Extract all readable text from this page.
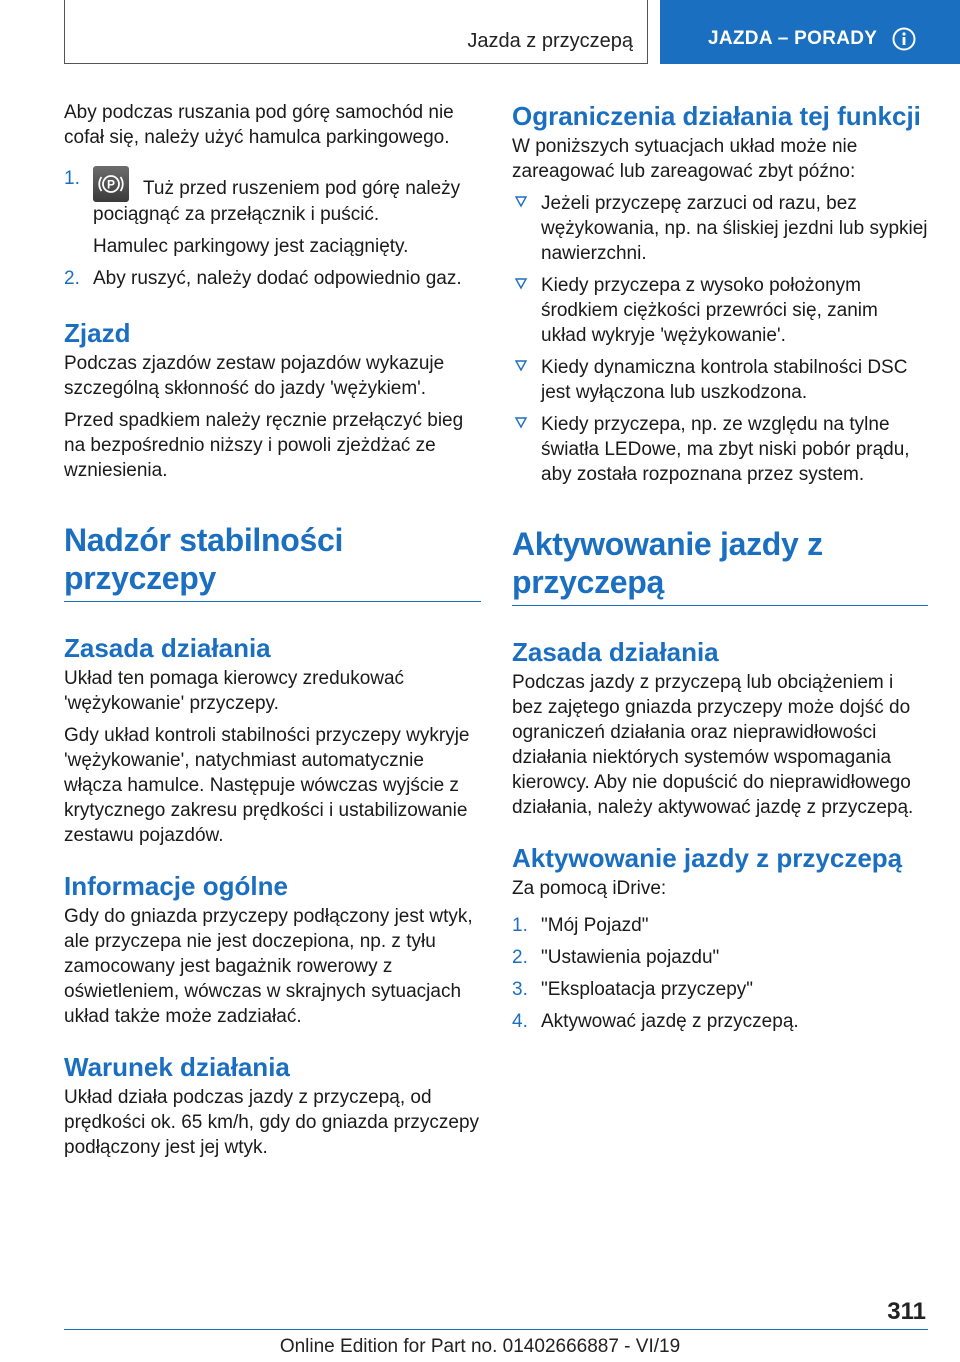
Jazda z przyczepą	JAZDA – PORADY

Aby podczas ruszania pod górę samochód nie cofał się, należy użyć hamulca parkingowego.

1. P Tuż przed ruszeniem pod górę należy pociągnąć za przełącznik i puścić.
Hamulec parkingowy jest zaciągnięty.
2. Aby ruszyć, należy dodać odpowiednio gaz.
Zjazd

Podczas zjazdów zestaw pojazdów wykazuje szczególną skłonność do jazdy 'wężykiem'.

Przed spadkiem należy ręcznie przełączyć bieg na bezpośrednio niższy i powoli zjeżdżać ze wzniesienia.

Nadzór stabilności przyczepy
Zasada działania

Układ ten pomaga kierowcy zredukować 'wężykowanie' przyczepy.

Gdy układ kontroli stabilności przyczepy wykryje 'wężykowanie', natychmiast automatycznie włącza hamulce. Następuje wówczas wyjście z krytycznego zakresu prędkości i ustabilizowanie zestawu pojazdów.

Informacje ogólne

Gdy do gniazda przyczepy podłączony jest wtyk, ale przyczepa nie jest doczepiona, np. z tyłu zamocowany jest bagażnik rowerowy z oświetleniem, wówczas w skrajnych sytuacjach układ także może zadziałać.

Warunek działania

Układ działa podczas jazdy z przyczepą, od prędkości ok. 65 km/h, gdy do gniazda przyczepy podłączony jest jej wtyk.

Ograniczenia działania tej funkcji

W poniższych sytuacjach układ może nie zareagować lub zareagować zbyt późno:

Jeżeli przyczepę zarzuci od razu, bez wężykowania, np. na śliskiej jezdni lub sypkiej nawierzchni.
Kiedy przyczepa z wysoko położonym środkiem ciężkości przewróci się, zanim układ wykryje 'wężykowanie'.
Kiedy dynamiczna kontrola stabilności DSC jest wyłączona lub uszkodzona.
Kiedy przyczepa, np. ze względu na tylne światła LEDowe, ma zbyt niski pobór prądu, aby została rozpoznana przez system.
Aktywowanie jazdy z przyczepą
Zasada działania

Podczas jazdy z przyczepą lub obciążeniem i bez zajętego gniazda przyczepy może dojść do ograniczeń działania oraz nieprawidłowości działania niektórych systemów wspomagania kierowcy. Aby nie dopuścić do nieprawidłowego działania, należy aktywować jazdę z przyczepą.

Aktywowanie jazdy z przyczepą

Za pomocą iDrive:

1. "Mój Pojazd"
2. "Ustawienia pojazdu"
3. "Eksploatacja przyczepy"
4. Aktywować jazdę z przyczepą.
311
Online Edition for Part no. 01402666887 - VI/19
